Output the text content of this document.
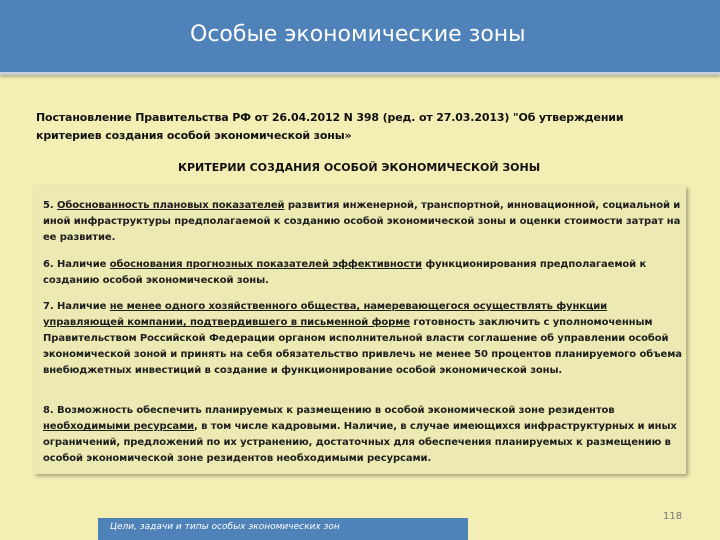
Особые экономические зоны
Постановление Правительства РФ от 26.04.2012 N 398 (ред. от 27.03.2013) "Об утверждении критериев создания особой экономической зоны»
КРИТЕРИИ СОЗДАНИЯ ОСОБОЙ ЭКОНОМИЧЕСКОЙ ЗОНЫ
5. Обоснованность плановых показателей развития инженерной, транспортной, инновационной, социальной и иной инфраструктуры предполагаемой к созданию особой экономической зоны и оценки стоимости затрат на ее развитие.
6. Наличие обоснования прогнозных показателей эффективности функционирования предполагаемой к созданию особой экономической зоны.
7. Наличие не менее одного хозяйственного общества, намеревающегося осуществлять функции управляющей компании, подтвердившего в письменной форме готовность заключить с уполномоченным Правительством Российской Федерации органом исполнительной власти соглашение об управлении особой экономической зоной и принять на себя обязательство привлечь не менее 50 процентов планируемого объема внебюджетных инвестиций в создание и функционирование особой экономической зоны.
8. Возможность обеспечить планируемых к размещению в особой экономической зоне резидентов необходимыми ресурсами, в том числе кадровыми. Наличие, в случае имеющихся инфраструктурных и иных ограничений, предложений по их устранению, достаточных для обеспечения планируемых к размещению в особой экономической зоне резидентов необходимыми ресурсами.
118
Цели, задачи и типы особых экономических зон
